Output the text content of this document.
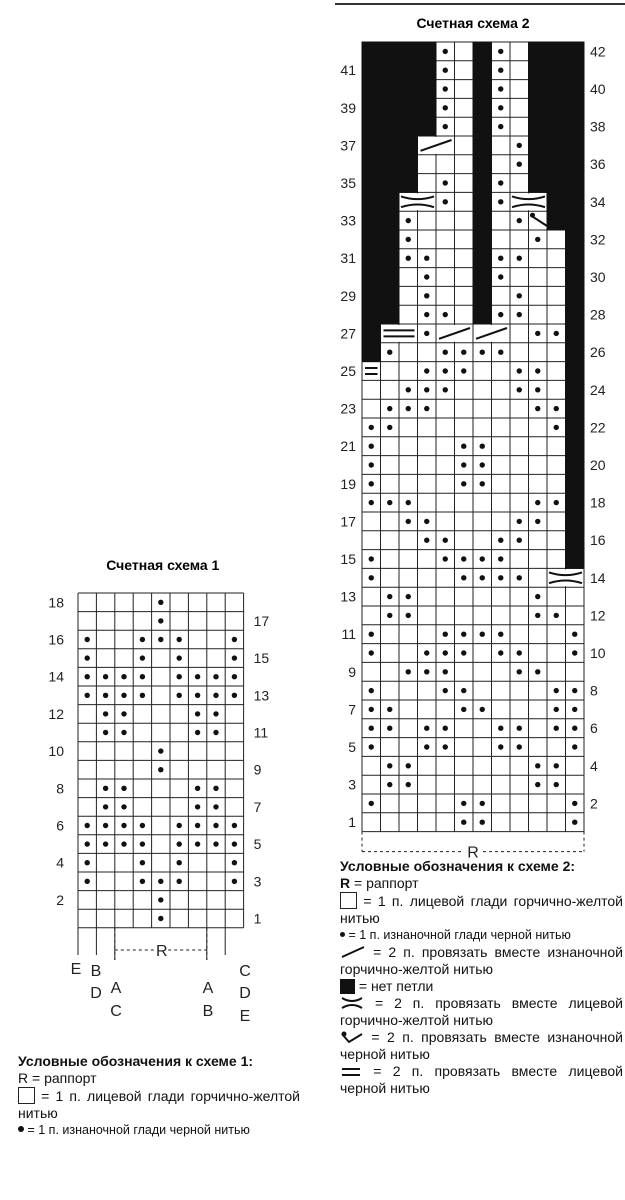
Счетная схема 1
18
16
14
12
10
8
6
4
2
17
15
13
11
9
7
5
3
1
R
E B
D A
C
A
B
C
D
E
Счетная схема 2
41
39
37
35
33
31
29
27
25
23
21
19
17
15
13
11
9
7
5
3
1
42
40
38
36
34
32
30
28
26
24
22
20
18
16
14
12
10
8
6
4
2
R
Условные обозначения к схеме 1:
R = раппорт
= 1 п. лицевой глади горчично-желтой нитью
= 1 п. изнаночной глади черной нитью
Условные обозначения к схеме 2:
R = раппорт
= 1 п. лицевой глади горчично-желтой нитью
= 1 п. изнаночной глади черной нитью
= 2 п. провязать вместе изнаночной горчично-желтой нитью
= нет петли
= 2 п. провязать вместе лицевой горчично-желтой нитью
= 2 п. провязать вместе изнаночной черной нитью
= 2 п. провязать вместе лицевой черной нитью
